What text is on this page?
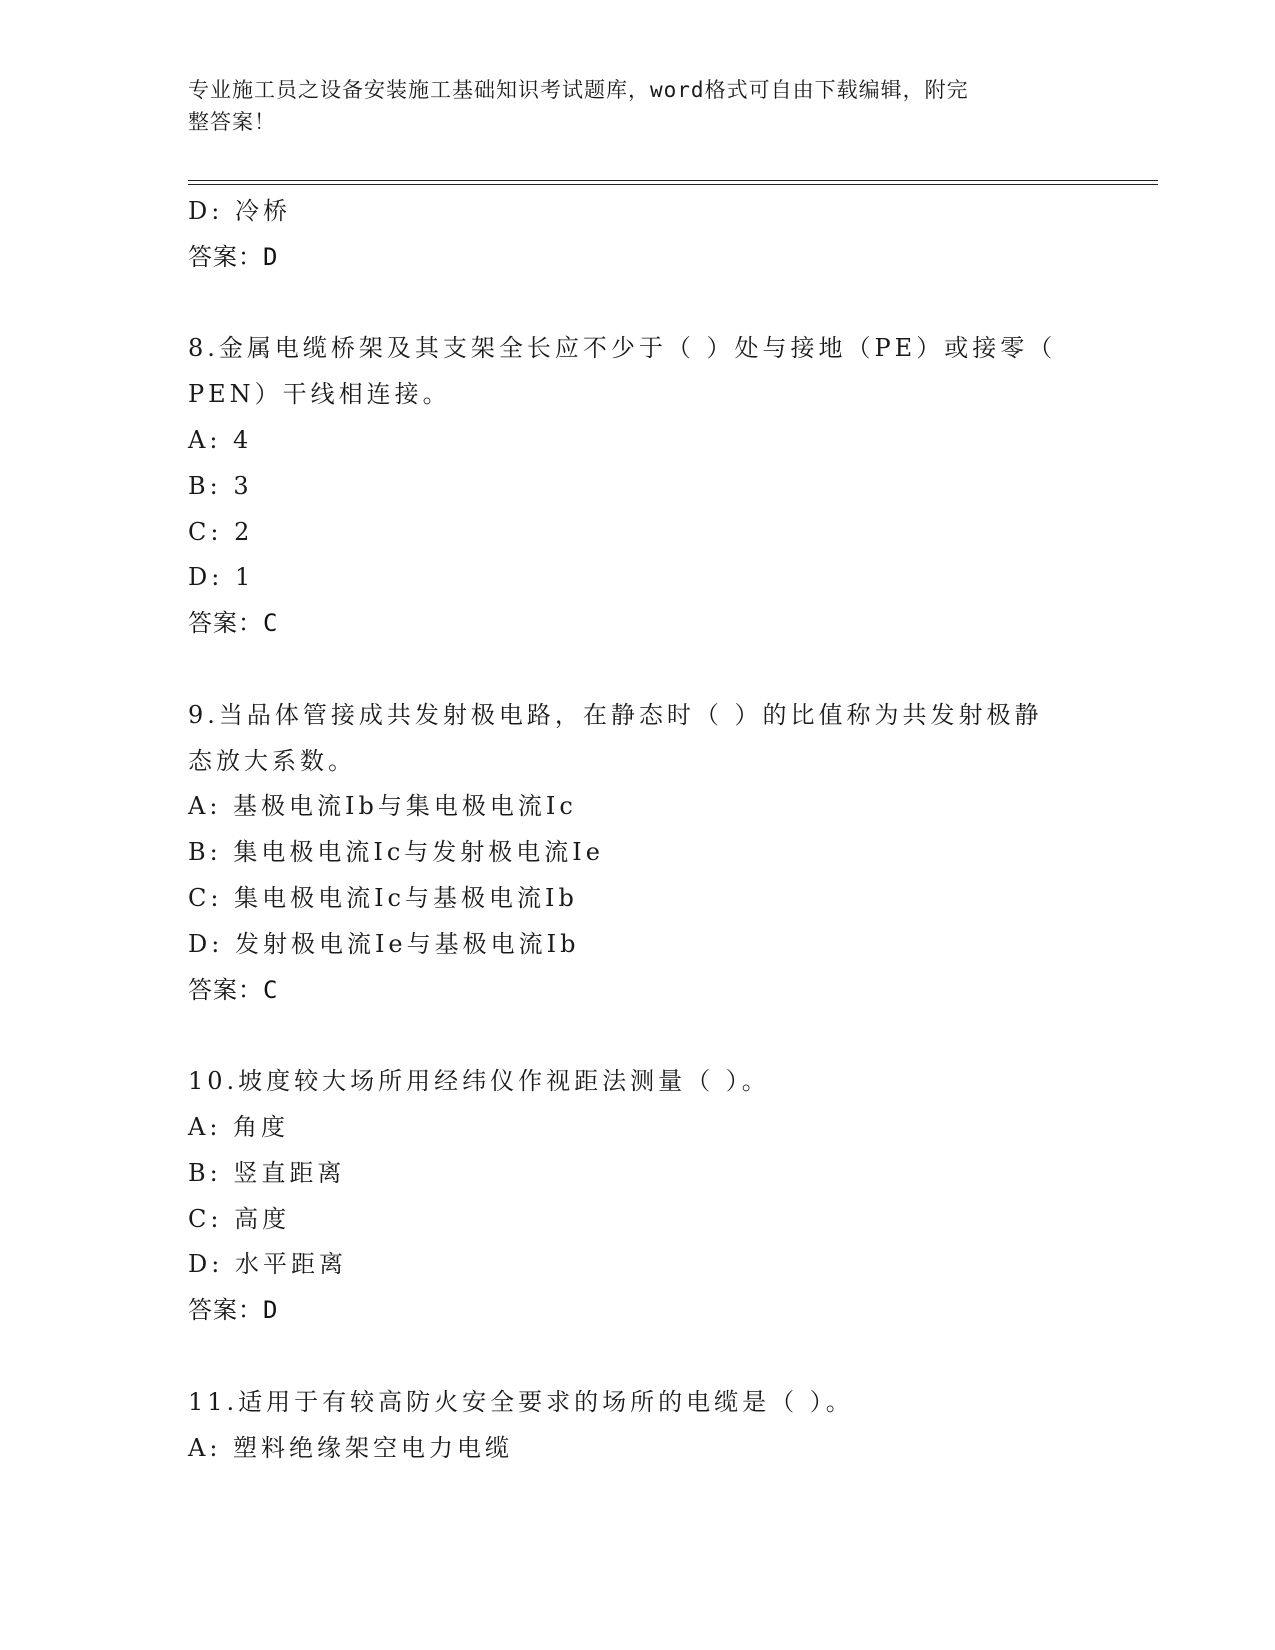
专业施工员之设备安装施工基础知识考试题库，word格式可自由下载编辑，附完
整答案！
D: 冷桥
答案：D
8.金属电缆桥架及其支架全长应不少于（ ）处与接地（PE）或接零（
PEN）干线相连接。
A: 4
B: 3
C: 2
D: 1
答案：C
9.当品体管接成共发射极电路，在静态时（ ）的比值称为共发射极静
态放大系数。
A: 基极电流Ib与集电极电流Ic
B: 集电极电流Ic与发射极电流Ie
C: 集电极电流Ic与基极电流Ib
D: 发射极电流Ie与基极电流Ib
答案：C
10.坡度较大场所用经纬仪作视距法测量（ ）。
A: 角度
B: 竖直距离
C: 高度
D: 水平距离
答案：D
11.适用于有较高防火安全要求的场所的电缆是（ ）。
A: 塑料绝缘架空电力电缆
